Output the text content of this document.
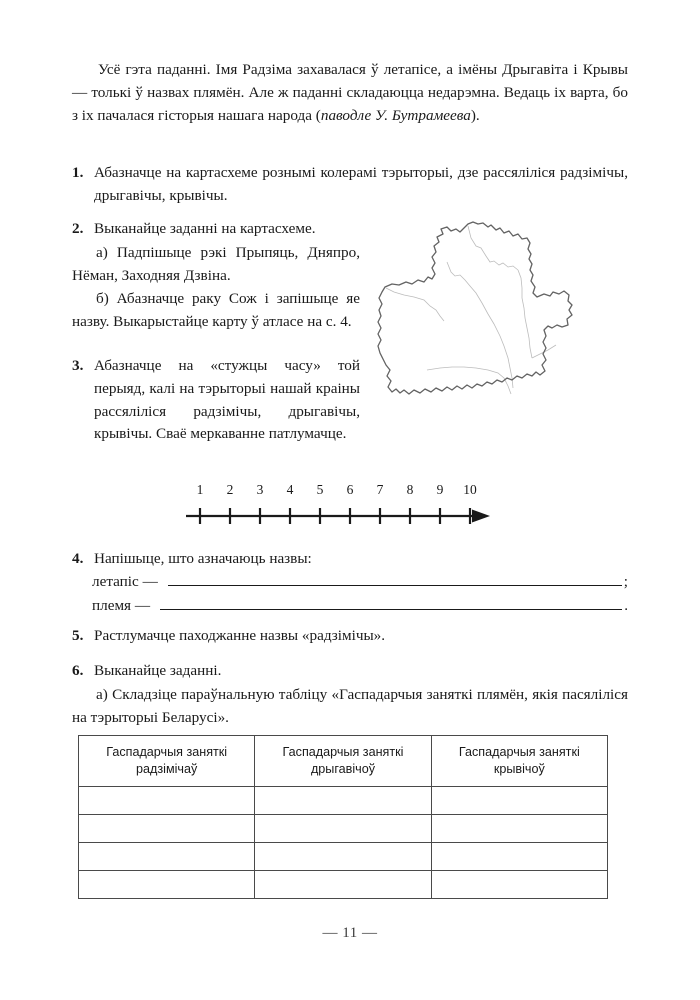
Усё гэта паданні. Імя Радзіма захавалася ў летапісе, а імёны Дрыгавіта і Крывы — толькі ў назвах плямён. Але ж паданні складаюцца недарэмна. Ведаць іх варта, бо з іх пачалася гісторыя нашага народа (паводле У. Бутрамеева).
1. Абазначце на картасхеме рознымі колерамі тэрыторыі, дзе рассяліліся радзімічы, дрыгавічы, крывічы.
2. Выканайце заданні на картасхеме.
а) Падпішыце рэкі Прыпяць, Дняпро, Нёман, Заходняя Дзвіна.
б) Абазначце раку Сож і запішыце яе назву. Выкарыстайце карту ў атласе на с. 4.
3. Абазначце на «стужцы часу» той перыяд, калі на тэрыторыі нашай краіны рассяліліся радзімічы, дрыгавічы, крывічы. Сваё меркаванне патлумачце.
1 2 3 4 5 6 7 8 9 10
4. Напішыце, што азначаюць назвы:
летапіс —	;
племя —	.
5. Растлумачце паходжанне назвы «радзімічы».
6. Выканайце заданні.
а) Складзіце параўнальную табліцу «Гаспадарчыя заняткі плямён, якія пасяліліся на тэрыторыі Беларусі».
Гаспадарчыя заняткі радзімічаў	Гаспадарчыя заняткі дрыгавічоў	Гаспадарчыя заняткі крывічоў

— 11 —
